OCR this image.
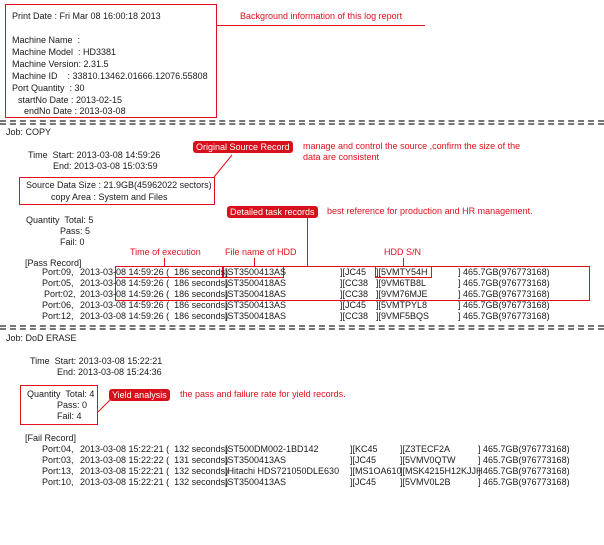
Print Date : Fri Mar 08 16:00:18 2013
Machine Name  :
Machine Model  : HD3381
Machine Version: 2.31.5
Machine ID    : 33810.13462.01666.12076.55808
Port Quantity  : 30
startNo Date : 2013-02-15
endNo Date : 2013-03-08
Background information of this log report
Job: COPY
Time  Start: 2013-03-08 14:59:26
End: 2013-03-08 15:03:59
Source Data Size : 21.9GB(45962022 sectors)
copy Area : System and Files
Original Source Record	manage and control the source ,confirm the size of the
data are consistent
Detailed task records	best reference for production and HR management.
Quantity  Total: 5
Pass: 5
Fail: 0
Time of execution	File name of HDD	HDD S/N
[Pass Record]
Port:09, 2013-03-08 14:59:26 (  186 seconds)
[ST3500413AS	][JC45 ][5VMTY54H	] 465.7GB(976773168)
Port:05, 2013-03-08 14:59:26 (  186 seconds)
[ST3500418AS	][CC38 ][9VM6TB8L	] 465.7GB(976773168)
Port:02, 2013-03-08 14:59:26 (  186 seconds)
[ST3500418AS	][CC38 ][9VM76MJE	] 465.7GB(976773168)
Port:06, 2013-03-08 14:59:26 (  186 seconds)
[ST3500413AS	][JC45 ][5VMTPYL8	] 465.7GB(976773168)
Port:12, 2013-03-08 14:59:26 (  186 seconds)
[ST3500418AS	][CC38 ][9VMF5BQS	] 465.7GB(976773168)
Job: DoD ERASE
Time  Start: 2013-03-08 15:22:21
End: 2013-03-08 15:24:36
Quantity  Total: 4
Pass: 0
Fail: 4
Yield analysis	the pass and failure rate for yield records.
[Fail Record]
Port:04, 2013-03-08 15:22:21 (  132 seconds)
[ST500DM002-1BD142	][KC45 ][Z3TECF2A	] 465.7GB(976773168)
Port:03, 2013-03-08 15:22:22 (  131 seconds)
[ST3500413AS	][JC45	][5VMV0QTW ] 465.7GB(976773168)
Port:13, 2013-03-08 15:22:21 (  132 seconds)
[Hitachi HDS721050DLE630 ][MS1OA610
][MSK4215H12KJJH
] 465.7GB(976773168)
Port:10, 2013-03-08 15:22:21 (  132 seconds)
[ST3500413AS	][JC45	][5VMV0L2B	] 465.7GB(976773168)
